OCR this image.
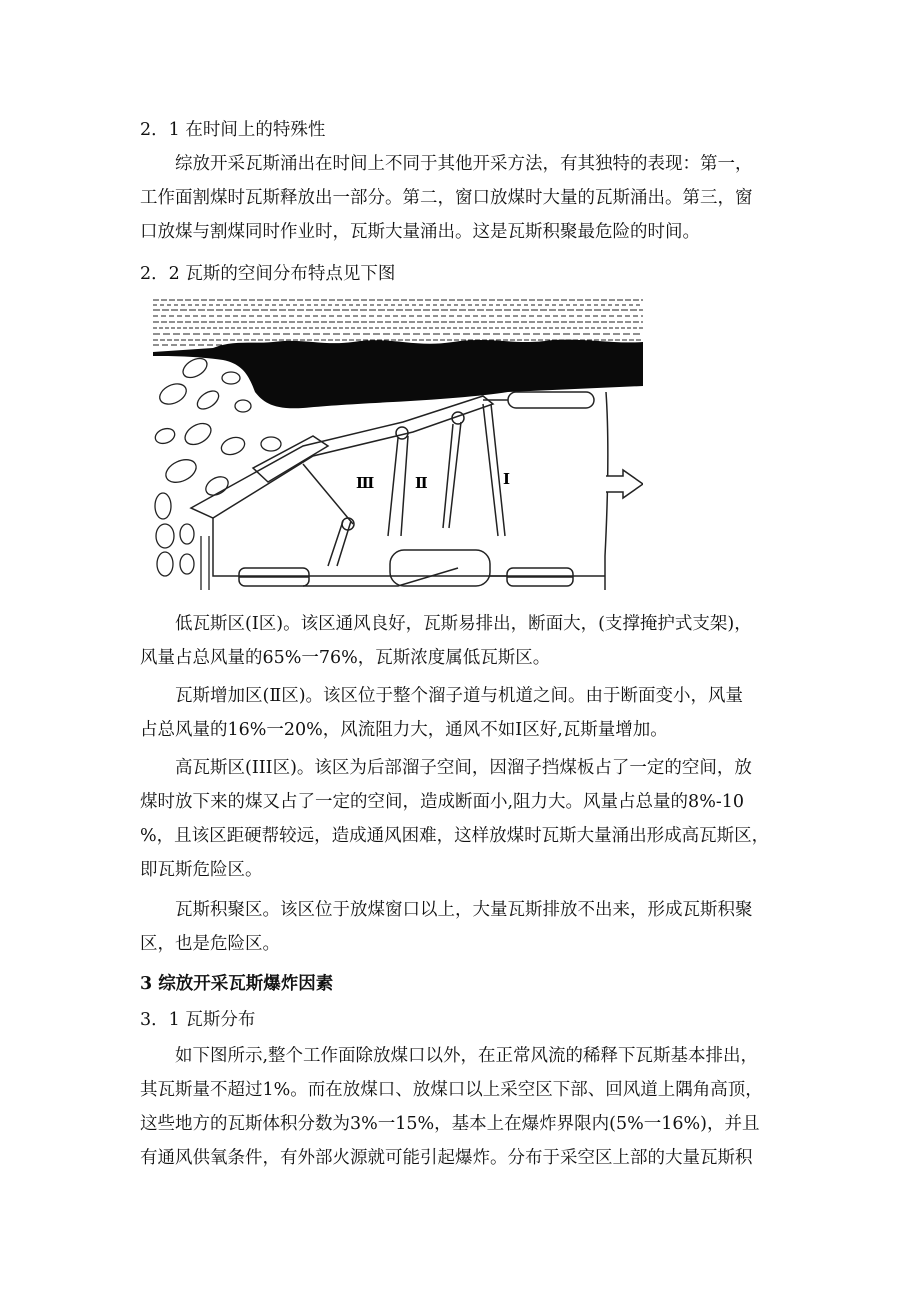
2．1 在时间上的特殊性
综放开采瓦斯涌出在时间上不同于其他开采方法，有其独特的表现：第一，
工作面割煤时瓦斯释放出一部分。第二，窗口放煤时大量的瓦斯涌出。第三，窗
口放煤与割煤同时作业时，瓦斯大量涌出。这是瓦斯积聚最危险的时间。
2．2 瓦斯的空间分布特点见下图
Ⅲ	Ⅱ	Ⅰ
低瓦斯区(I区)。该区通风良好，瓦斯易排出，断面大，(支撑掩护式支架)，
风量占总风量的65%一76%，瓦斯浓度属低瓦斯区。
瓦斯增加区(Ⅱ区)。该区位于整个溜子道与机道之间。由于断面变小，风量
占总风量的16%一20%，风流阻力大，通风不如I区好,瓦斯量增加。
高瓦斯区(III区)。该区为后部溜子空间，因溜子挡煤板占了一定的空间，放
煤时放下来的煤又占了一定的空间，造成断面小,阻力大。风量占总量的8%-10
%，且该区距硬帮较远，造成通风困难，这样放煤时瓦斯大量涌出形成高瓦斯区，
即瓦斯危险区。
瓦斯积聚区。该区位于放煤窗口以上，大量瓦斯排放不出来，形成瓦斯积聚
区，也是危险区。
3 综放开采瓦斯爆炸因素
3．1 瓦斯分布
如下图所示,整个工作面除放煤口以外，在正常风流的稀释下瓦斯基本排出，
其瓦斯量不超过1%。而在放煤口、放煤口以上采空区下部、回风道上隅角高顶，
这些地方的瓦斯体积分数为3%一15%，基本上在爆炸界限内(5%一16%)，并且
有通风供氧条件，有外部火源就可能引起爆炸。分布于采空区上部的大量瓦斯积
